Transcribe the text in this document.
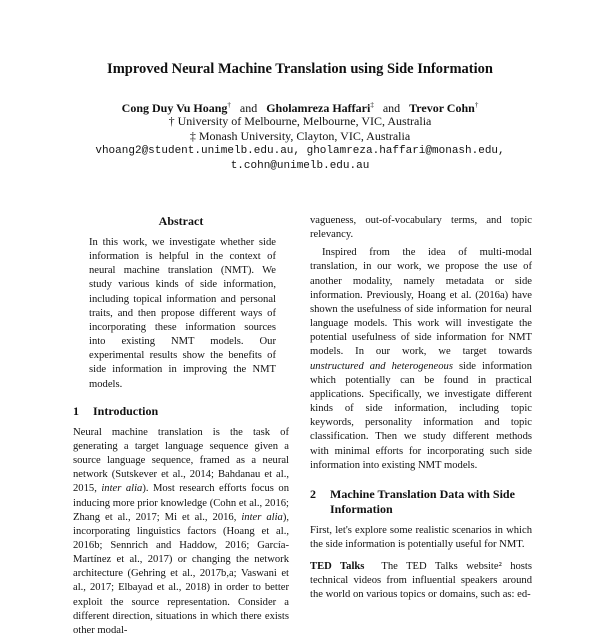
Improved Neural Machine Translation using Side Information
Cong Duy Vu Hoang† and Gholamreza Haffari‡ and Trevor Cohn†
† University of Melbourne, Melbourne, VIC, Australia
‡ Monash University, Clayton, VIC, Australia
vhoang2@student.unimelb.edu.au, gholamreza.haffari@monash.edu,
t.cohn@unimelb.edu.au
Abstract

In this work, we investigate whether side information is helpful in the context of neural machine translation (NMT). We study various kinds of side information, including topical information and personal traits, and then propose different ways of incorporating these information sources into existing NMT models. Our experimental results show the benefits of side information in improving the NMT models.

1	Introduction

Neural machine translation is the task of generating a target language sequence given a source language sequence, framed as a neural network (Sutskever et al., 2014; Bahdanau et al., 2015, inter alia). Most research efforts focus on inducing more prior knowledge (Cohn et al., 2016; Zhang et al., 2017; Mi et al., 2016, inter alia), incorporating linguistics factors (Hoang et al., 2016b; Sennrich and Haddow, 2016; García-Martínez et al., 2017) or changing the network architecture (Gehring et al., 2017b,a; Vaswani et al., 2017; Elbayad et al., 2018) in order to better exploit the source representation. Consider a different direction, situations in which there exists other modal-

vagueness, out-of-vocabulary terms, and topic relevancy.

Inspired from the idea of multi-modal translation, in our work, we propose the use of another modality, namely metadata or side information. Previously, Hoang et al. (2016a) have shown the usefulness of side information for neural language models. This work will investigate the potential usefulness of side information for NMT models. In our work, we target towards unstructured and heterogeneous side information which potentially can be found in practical applications. Specifically, we investigate different kinds of side information, including topic keywords, personality information and topic classification. Then we study different methods with minimal efforts for incorporating such side information into existing NMT models.

2	Machine Translation Data with Side Information

First, let's explore some realistic scenarios in which the side information is potentially useful for NMT.

TED Talks The TED Talks website² hosts technical videos from influential speakers around the world on various topics or domains, such as: ed-
